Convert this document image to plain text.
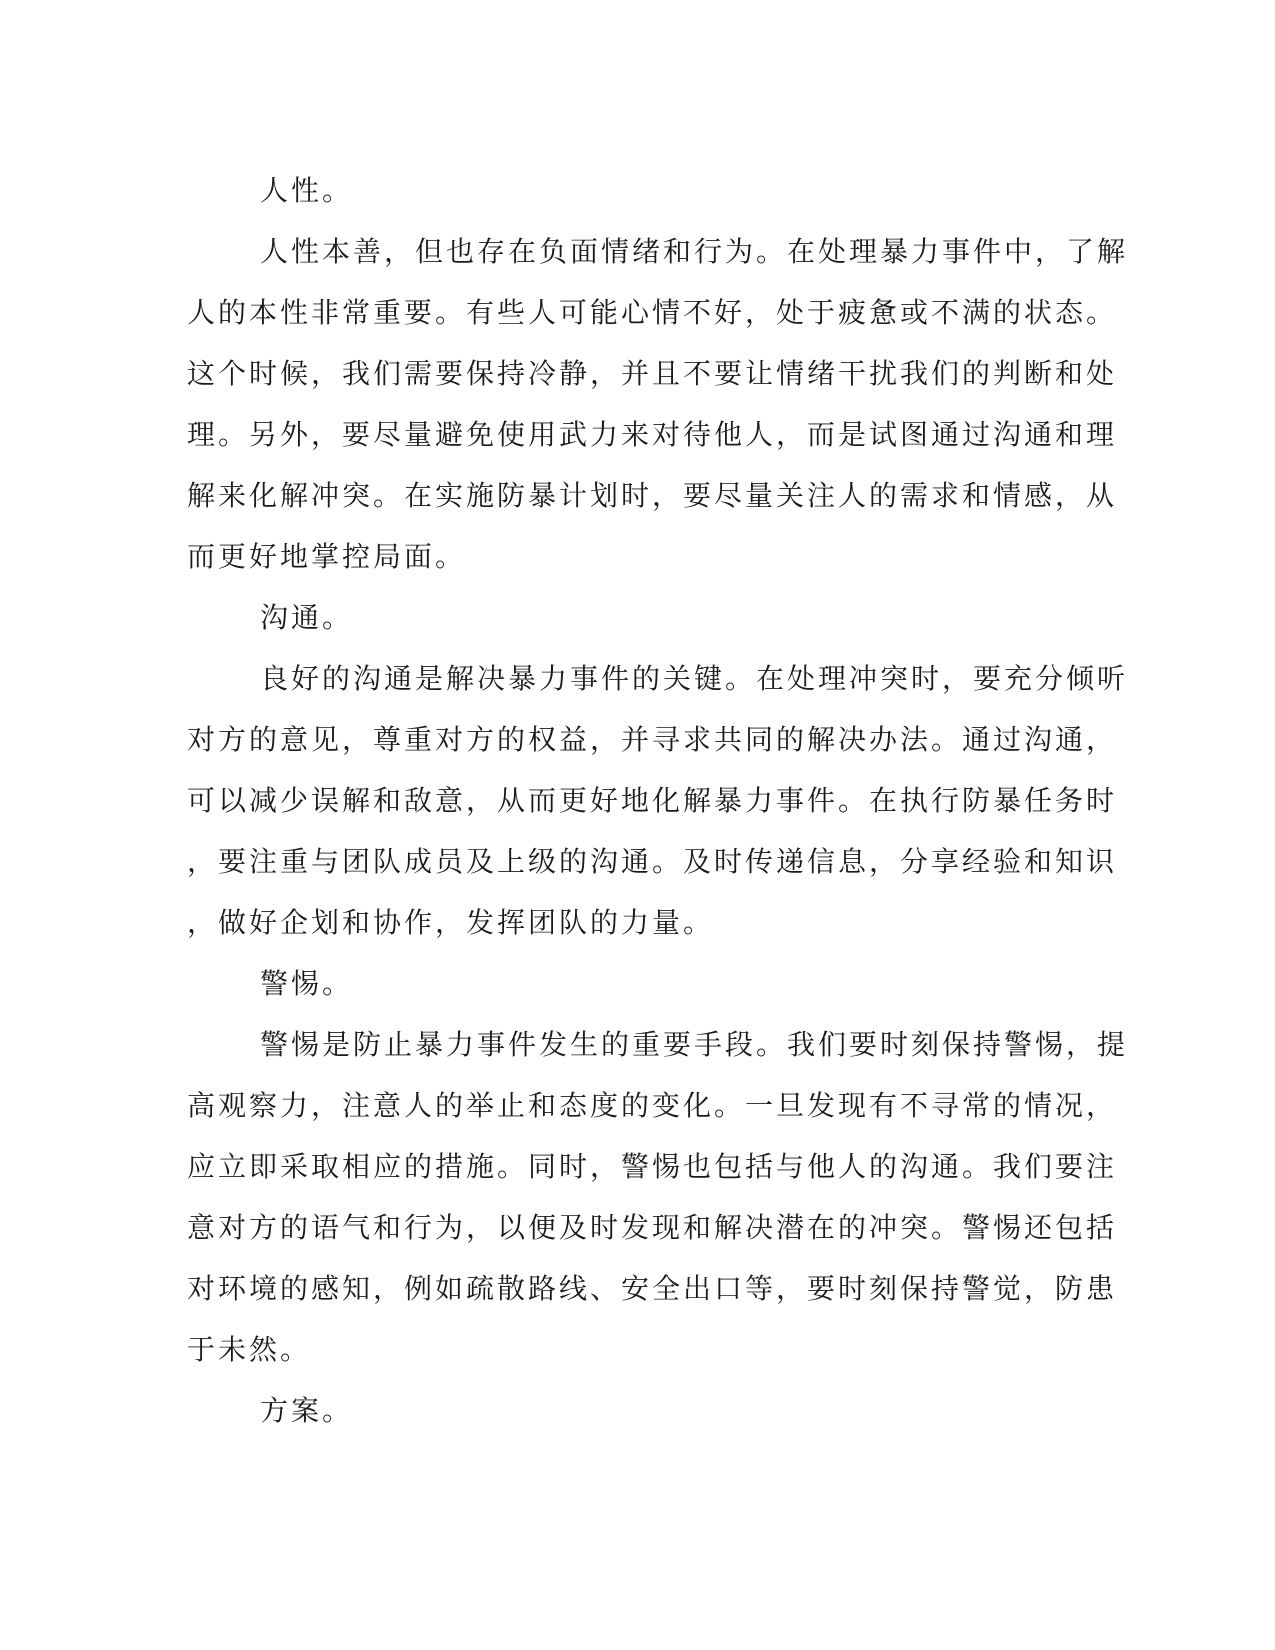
人性。
人性本善，但也存在负面情绪和行为。在处理暴力事件中，了解
人的本性非常重要。有些人可能心情不好，处于疲惫或不满的状态。
这个时候，我们需要保持冷静，并且不要让情绪干扰我们的判断和处
理。另外，要尽量避免使用武力来对待他人，而是试图通过沟通和理
解来化解冲突。在实施防暴计划时，要尽量关注人的需求和情感，从
而更好地掌控局面。
沟通。
良好的沟通是解决暴力事件的关键。在处理冲突时，要充分倾听
对方的意见，尊重对方的权益，并寻求共同的解决办法。通过沟通，
可以减少误解和敌意，从而更好地化解暴力事件。在执行防暴任务时
，要注重与团队成员及上级的沟通。及时传递信息，分享经验和知识
，做好企划和协作，发挥团队的力量。
警惕。
警惕是防止暴力事件发生的重要手段。我们要时刻保持警惕，提
高观察力，注意人的举止和态度的变化。一旦发现有不寻常的情况，
应立即采取相应的措施。同时，警惕也包括与他人的沟通。我们要注
意对方的语气和行为，以便及时发现和解决潜在的冲突。警惕还包括
对环境的感知，例如疏散路线、安全出口等，要时刻保持警觉，防患
于未然。
方案。
